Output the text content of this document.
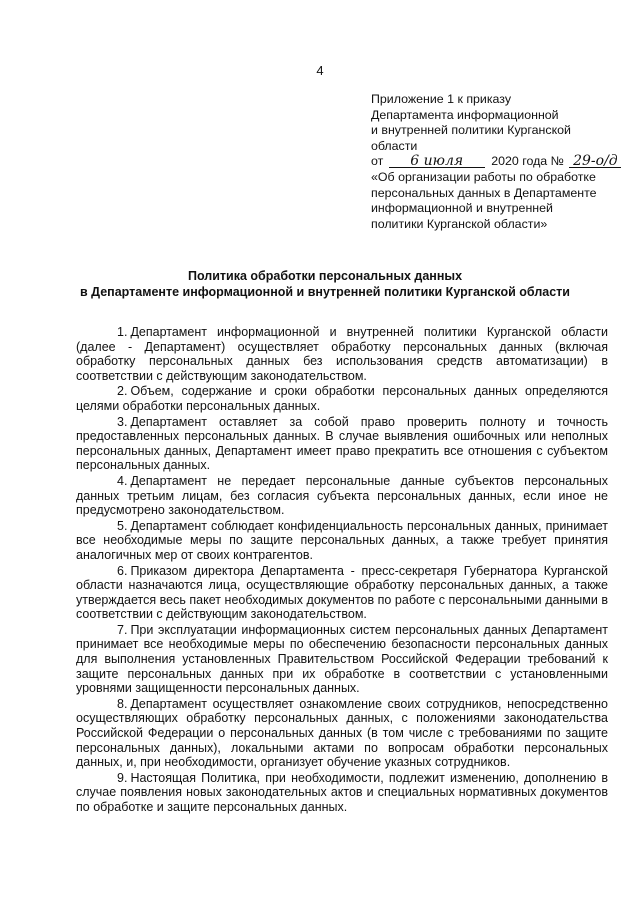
4
Приложение 1 к приказу
Департамента информационной
и внутренней политики Курганской
области
от 6 июля 2020 года № 29-о/д
«Об организации работы по обработке
персональных данных в Департаменте
информационной и внутренней
политики Курганской области»
Политика обработки персональных данных
в Департаменте информационной и внутренней политики Курганской области

1. Департамент информационной и внутренней политики Курганской области (далее - Департамент) осуществляет обработку персональных данных (включая обработку персональных данных без использования средств автоматизации) в соответствии с действующим законодательством.

2. Объем, содержание и сроки обработки персональных данных определяются целями обработки персональных данных.

3. Департамент оставляет за собой право проверить полноту и точность предоставленных персональных данных. В случае выявления ошибочных или неполных персональных данных, Департамент имеет право прекратить все отношения с субъектом персональных данных.

4. Департамент не передает персональные данные субъектов персональных данных третьим лицам, без согласия субъекта персональных данных, если иное не предусмотрено законодательством.

5. Департамент соблюдает конфиденциальность персональных данных, принимает все необходимые меры по защите персональных данных, а также требует принятия аналогичных мер от своих контрагентов.

6. Приказом директора Департамента - пресс-секретаря Губернатора Курганской области назначаются лица, осуществляющие обработку персональных данных, а также утверждается весь пакет необходимых документов по работе с персональными данными в соответствии с действующим законодательством.

7. При эксплуатации информационных систем персональных данных Департамент принимает все необходимые меры по обеспечению безопасности персональных данных для выполнения установленных Правительством Российской Федерации требований к защите персональных данных при их обработке в соответствии с установленными уровнями защищенности персональных данных.

8. Департамент осуществляет ознакомление своих сотрудников, непосредственно осуществляющих обработку персональных данных, с положениями законодательства Российской Федерации о персональных данных (в том числе с требованиями по защите персональных данных), локальными актами по вопросам обработки персональных данных, и, при необходимости, организует обучение указных сотрудников.

9. Настоящая Политика, при необходимости, подлежит изменению, дополнению в случае появления новых законодательных актов и специальных нормативных документов по обработке и защите персональных данных.
